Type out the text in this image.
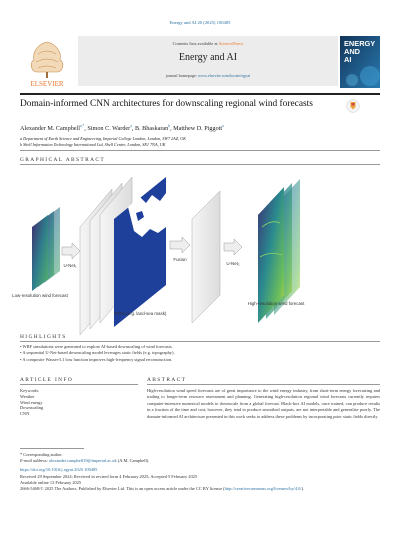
Energy and AI 20 (2025) 100485
ELSEVIER
Contents lists available at ScienceDirect
Energy and AI
journal homepage: www.elsevier.com/locate/egyai
ENERGY
AND
AI
Domain-informed CNN architectures for downscaling regional wind forecasts
Alexander M. Campbell$^{a,*}$, Simon C. Warder$^a$, B. Bhaskaran$^b$, Matthew D. Piggott$^a$
a Department of Earth Science and Engineering, Imperial College London, London, SW7 2AZ, UK
b Shell Information Technology International Ltd, Shell Centre, London, SE1 7NA, UK
GRAPHICAL ABSTRACT
Low-resolution wind forecast
U-Net₁
Priors (e.g. land-sea mask)
Fusion
U-Net₂
High-resolution wind forecast
HIGHLIGHTS
• WRF simulations were generated to explore AI-based downscaling of wind forecasts.
• A sequential U-Net-based downscaling model leverages static fields (e.g. topography).
• A composite Wasser-L1 loss function improves high-frequency signal reconstruction.
ARTICLE INFO	ABSTRACT
Keywords:
Weather
Wind energy
Downscaling
CNN
High-resolution wind speed forecasts are of great importance to the wind energy industry, from short-term energy forecasting and trading to longer-term resource assessment and planning. Generating high-resolution regional wind forecasts currently requires computer-intensive numerical models to downscale from a global forecast. Black-box AI models, once trained, can produce results in a fraction of the time and cost; however, they tend to produce smoothed outputs, are not interpretable and generalise poorly. The domain-informed AI architecture presented in this work seeks to address these problems by incorporating prior static fields directly
* Corresponding author.
E-mail address: alexander.campbell19@imperial.ac.uk (A.M. Campbell).
https://doi.org/10.1016/j.egyai.2025.100485
Received 29 September 2024; Received in revised form 4 February 2025; Accepted 5 February 2025
Available online 13 February 2025
2666-5468/© 2025 The Authors. Published by Elsevier Ltd. This is an open access article under the CC BY license (http://creativecommons.org/licenses/by/4.0/).
